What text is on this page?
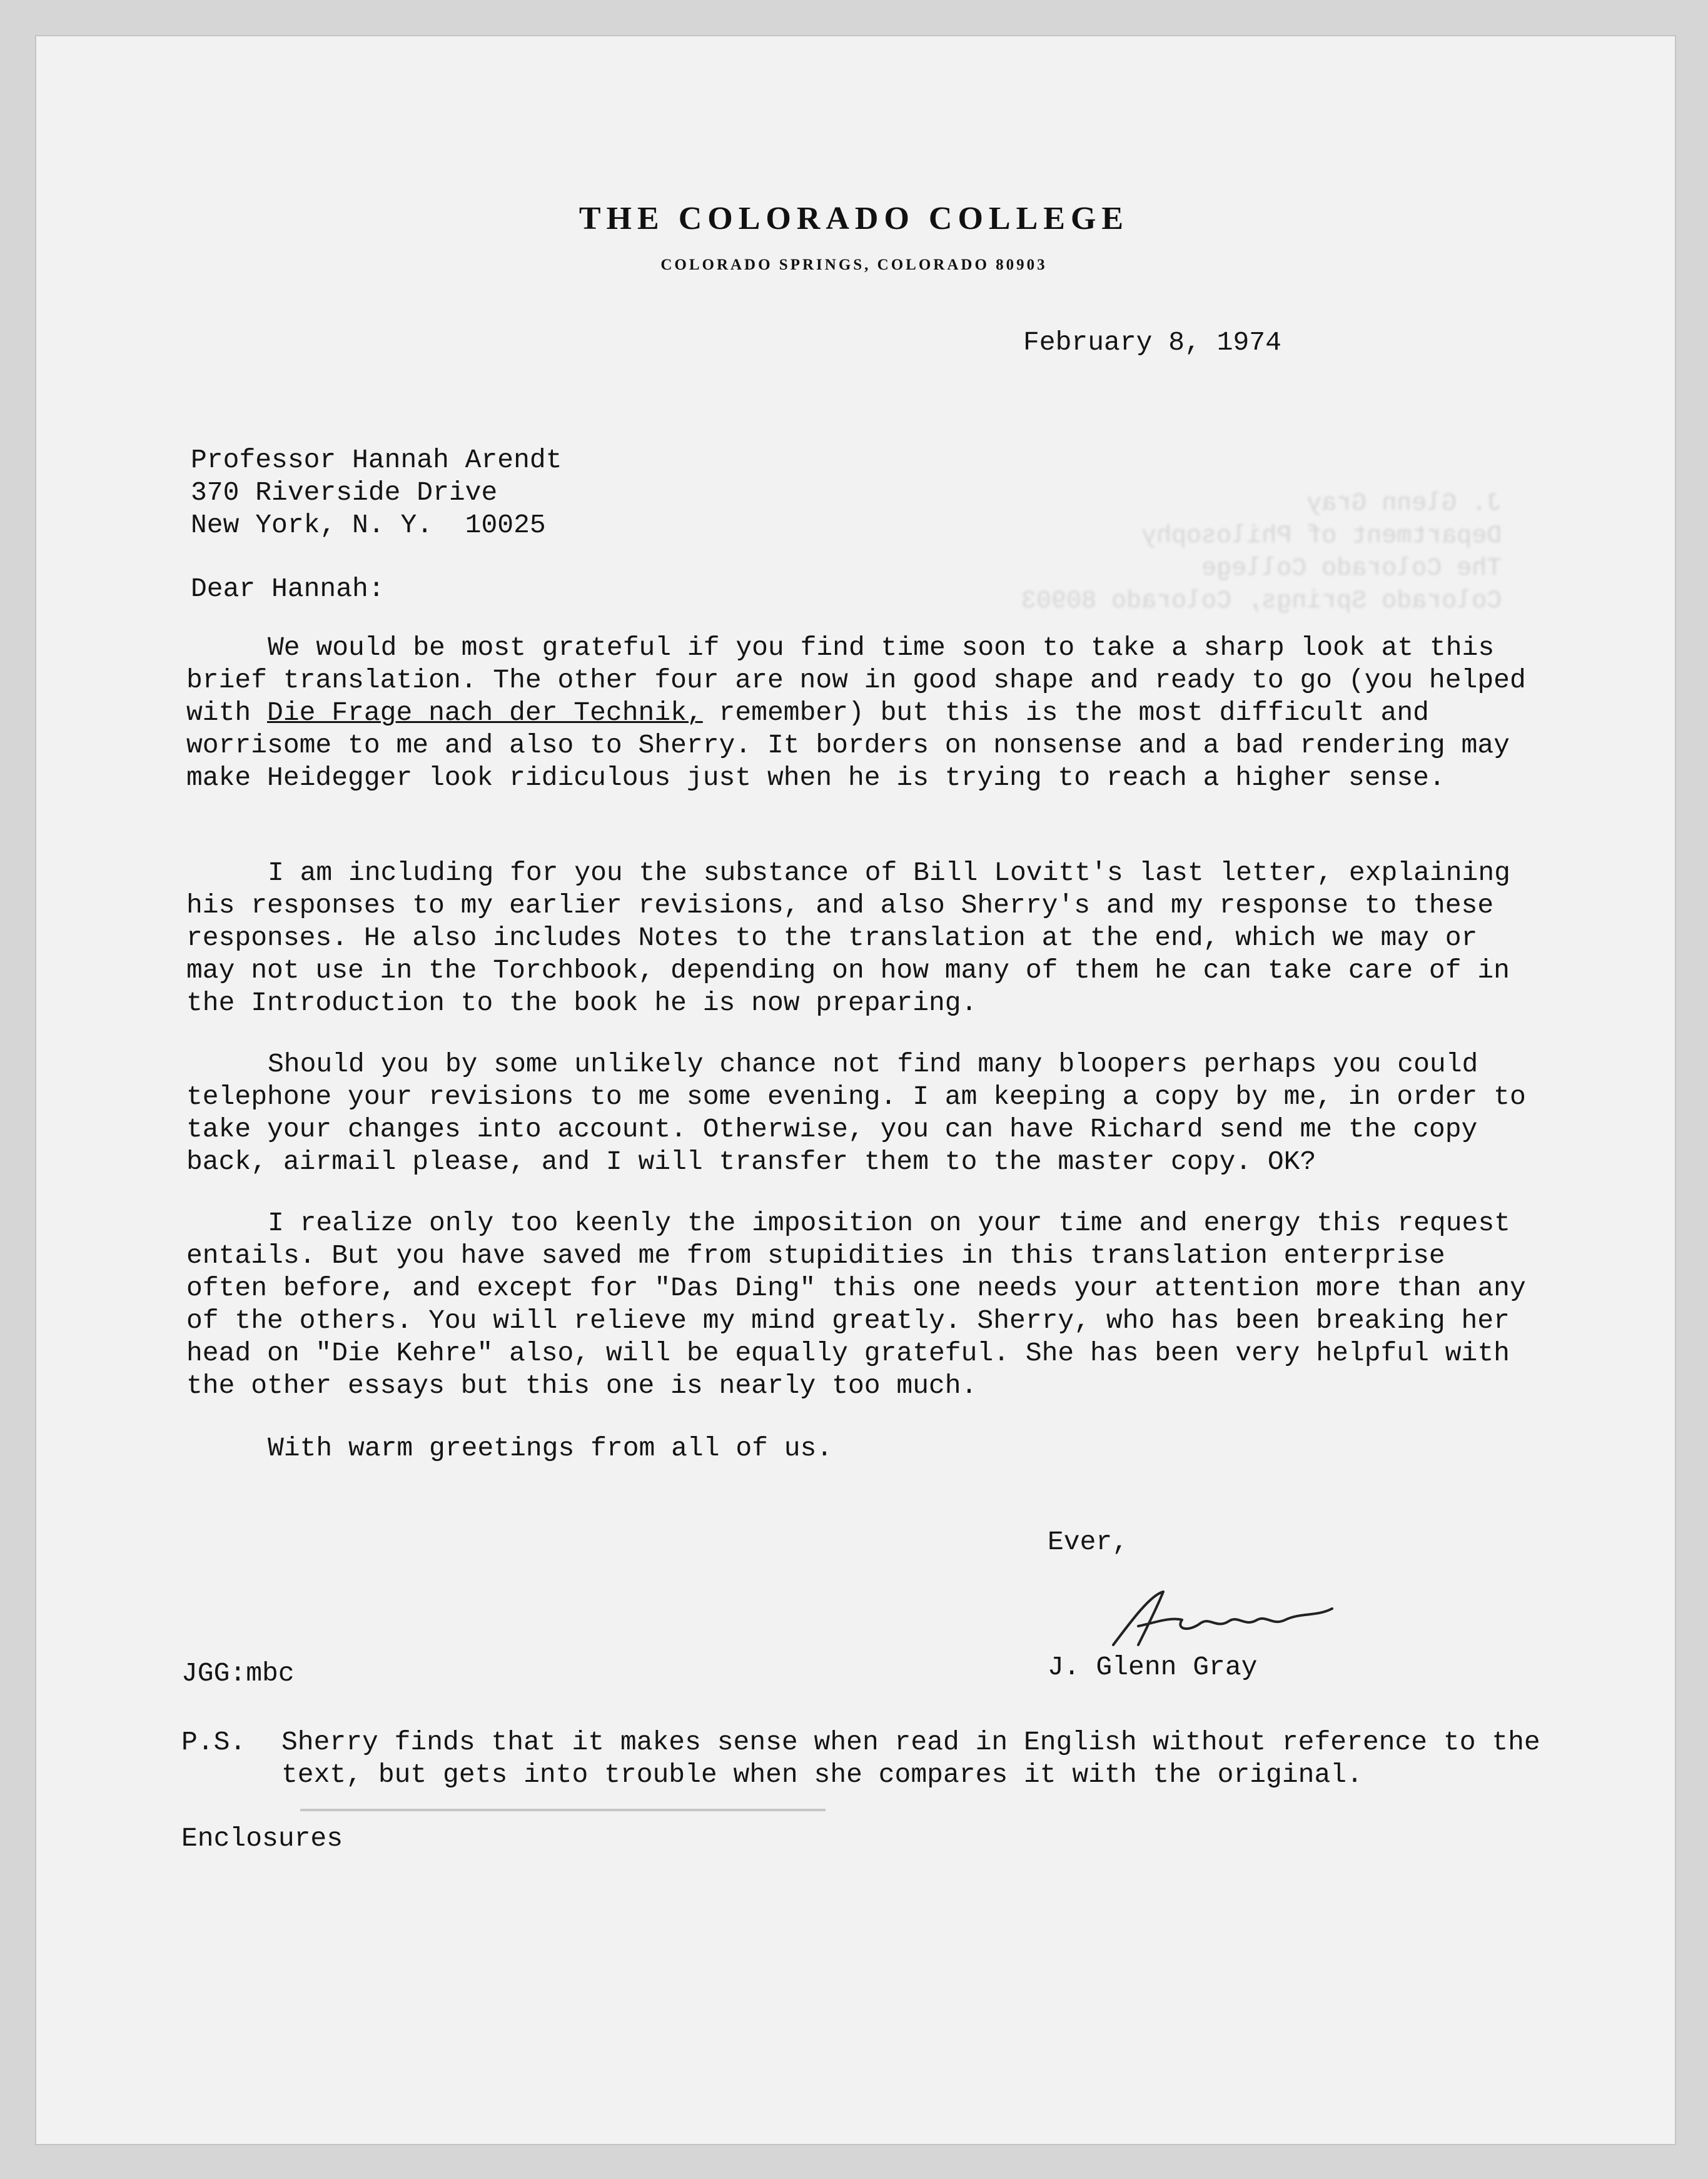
J. Glenn Gray
Department of Philosophy
The Colorado College
Colorado Springs, Colorado 80903
THE COLORADO COLLEGE
COLORADO SPRINGS, COLORADO 80903
February 8, 1974
Professor Hannah Arendt
370 Riverside Drive
New York, N. Y.  10025
Dear Hannah:

We would be most grateful if you find time soon to take a sharp look at this brief translation. The other four are now in good shape and ready to go (you helped with Die Frage nach der Technik, remember) but this is the most difficult and worrisome to me and also to Sherry. It borders on nonsense and a bad rendering may make Heidegger look ridiculous just when he is trying to reach a higher sense.

I am including for you the substance of Bill Lovitt's last letter, explaining his responses to my earlier revisions, and also Sherry's and my response to these responses. He also includes Notes to the translation at the end, which we may or may not use in the Torchbook, depending on how many of them he can take care of in the Introduction to the book he is now preparing.

Should you by some unlikely chance not find many bloopers perhaps you could telephone your revisions to me some evening. I am keeping a copy by me, in order to take your changes into account. Otherwise, you can have Richard send me the copy back, airmail please, and I will transfer them to the master copy. OK?

I realize only too keenly the imposition on your time and energy this request entails. But you have saved me from stupidities in this translation enterprise often before, and except for "Das Ding" this one needs your attention more than any of the others. You will relieve my mind greatly. Sherry, who has been breaking her head on "Die Kehre" also, will be equally grateful. She has been very helpful with the other essays but this one is nearly too much.

With warm greetings from all of us.
Ever,
JGG:mbc	J. Glenn Gray
P.S. Sherry finds that it makes sense when read in English without reference to the
text, but gets into trouble when she compares it with the original.
Enclosures
